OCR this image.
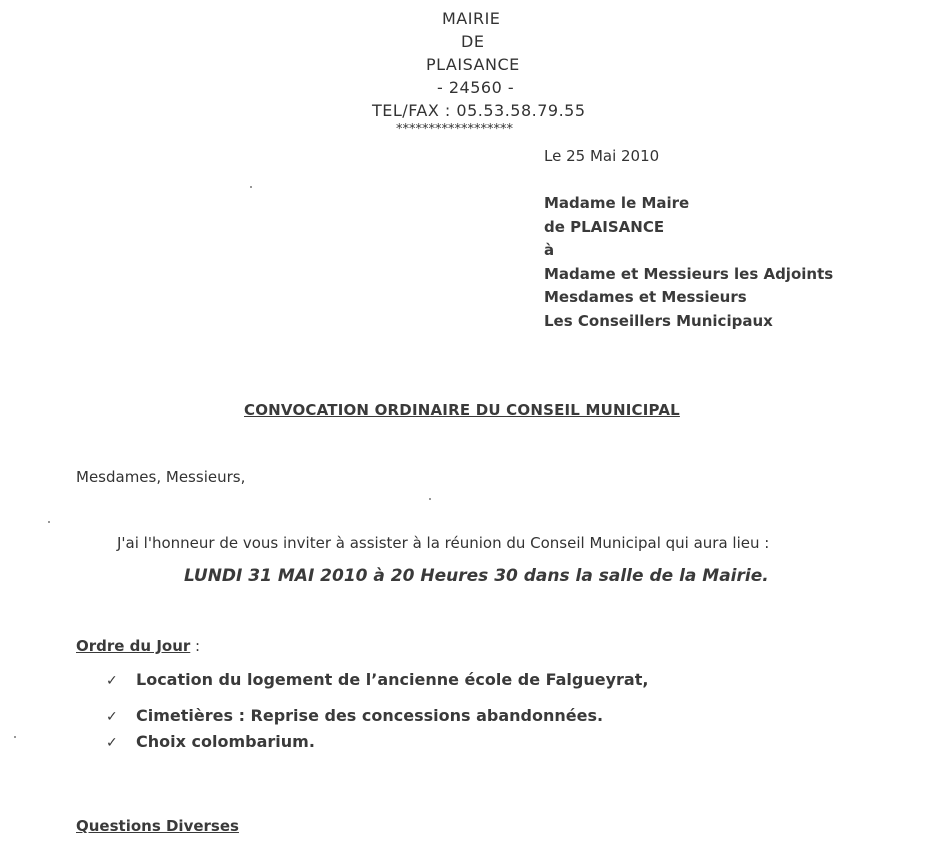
MAIRIE
DE
PLAISANCE
- 24560 -
TEL/FAX : 05.53.58.79.55
******************
Le 25 Mai 2010
Madame le Maire
de PLAISANCE
à
Madame et Messieurs les Adjoints
Mesdames et Messieurs
Les Conseillers Municipaux
CONVOCATION ORDINAIRE DU CONSEIL MUNICIPAL
Mesdames, Messieurs,
J'ai l'honneur de vous inviter à assister à la réunion du Conseil Municipal qui aura lieu :
LUNDI 31 MAI 2010 à 20 Heures 30 dans la salle de la Mairie.
Ordre du Jour :
✓ Location du logement de l’ancienne école de Falgueyrat,
✓ Cimetières : Reprise des concessions abandonnées.
✓ Choix colombarium.
Questions Diverses
